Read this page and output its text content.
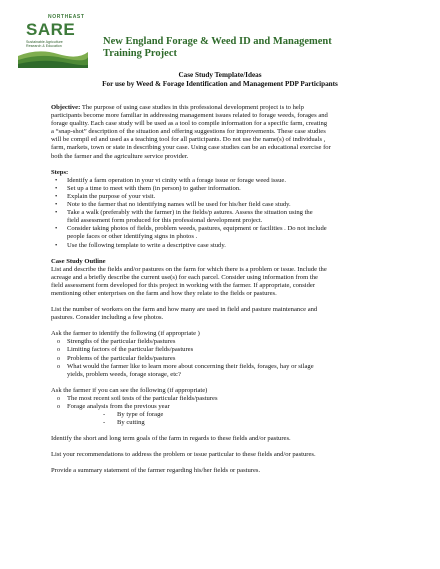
NORTHEAST
SARE
Sustainable Agriculture Research & Education	New England Forage & Weed ID and Management
Training Project
Case Study Template/Ideas
For use by Weed & Forage Identification and Management PDP Participants

Objective: The purpose of using case studies in this professional development project is to help
participants become more familiar in addressing management issues related to forage weeds, forages and
forage quality. Each case study will be used as a tool to compile information for a specific farm, creating
a “snap-shot” description of the situation and offering suggestions for improvements. These case studies
will be compil ed and used as a teaching tool for all participants. Do not use the name(s) of individuals ,
farm, markets, town or state in describing your case. Using case studies can be an educational exercise for
both the farmer and the agriculture service provider.

Steps:

• Identify a farm operation in your vi cinity with a forage issue or forage weed issue.
• Set up a time to meet with them (in person) to gather information.
• Explain the purpose of your visit.
• Note to the farmer that no identifying names will be used for his/her field case study.
• Take a walk (preferably with the farmer) in the fields/p astures. Assess the situation using the
field assessment form produced for this professional development project.
• Consider taking photos of fields, problem weeds, pastures, equipment or facilities . Do not include
people faces or other identifying signs in photos .
• Use the following template to write a descriptive case study.

Case Study Outline

List and describe the fields and/or pastures on the farm for which there is a problem or issue. Include the
acreage and a briefly describe the current use(s) for each parcel. Consider using information from the
field assessment form developed for this project in working with the farmer. If appropriate, consider
mentioning other enterprises on the farm and how they relate to the fields or pastures.

List the number of workers on the farm and how many are used in field and pasture maintenance and
pastures. Consider including a few photos.

Ask the farmer to identify the following (if appropriate )

o Strengths of the particular fields/pastures
o Limiting factors of the particular fields/pastures
o Problems of the particular fields/pastures
o What would the farmer like to learn more about concerning their fields, forages, hay or silage
yields, problem weeds, forage storage, etc?

Ask the farmer if you can see the following (if appropriate)

o The most recent soil tests of the particular fields/pastures
o Forage analysis from the previous year
- By type of forage
- By cutting

Identify the short and long term goals of the farm in regards to these fields and/or pastures.

List your recommendations to address the problem or issue particular to these fields and/or pastures.

Provide a summary statement of the farmer regarding his/her fields or pastures.
